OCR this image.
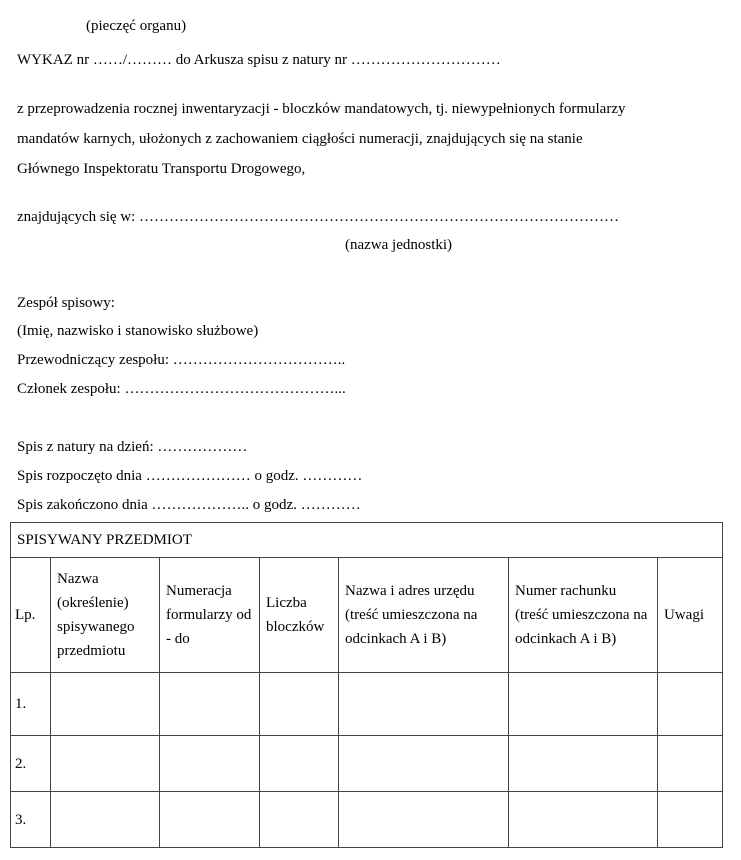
(pieczęć organu)
WYKAZ nr ……/……… do Arkusza spisu z natury nr …………………………
z przeprowadzenia rocznej inwentaryzacji - bloczków mandatowych, tj. niewypełnionych formularzy
mandatów karnych, ułożonych z zachowaniem ciągłości numeracji, znajdujących się na stanie
Głównego Inspektoratu Transportu Drogowego,
znajdujących się w: ……………………………………………………………………………………
(nazwa jednostki)
Zespół spisowy:
(Imię, nazwisko i stanowisko służbowe)
Przewodniczący zespołu: ……………………………..
Członek zespołu: ……………………………………...
Spis z natury na dzień: ………………
Spis rozpoczęto dnia ………………… o godz. …………
Spis zakończono dnia ……………….. o godz. …………
SPISYWANY PRZEDMIOT						
Lp.	Nazwa (określenie) spisywanego przedmiotu	Numeracja formularzy od - do	Liczba bloczków	Nazwa i adres urzędu (treść umieszczona na odcinkach A i B)	Numer rachunku (treść umieszczona na odcinkach A i B)	Uwagi
1.						
2.						
3.						
